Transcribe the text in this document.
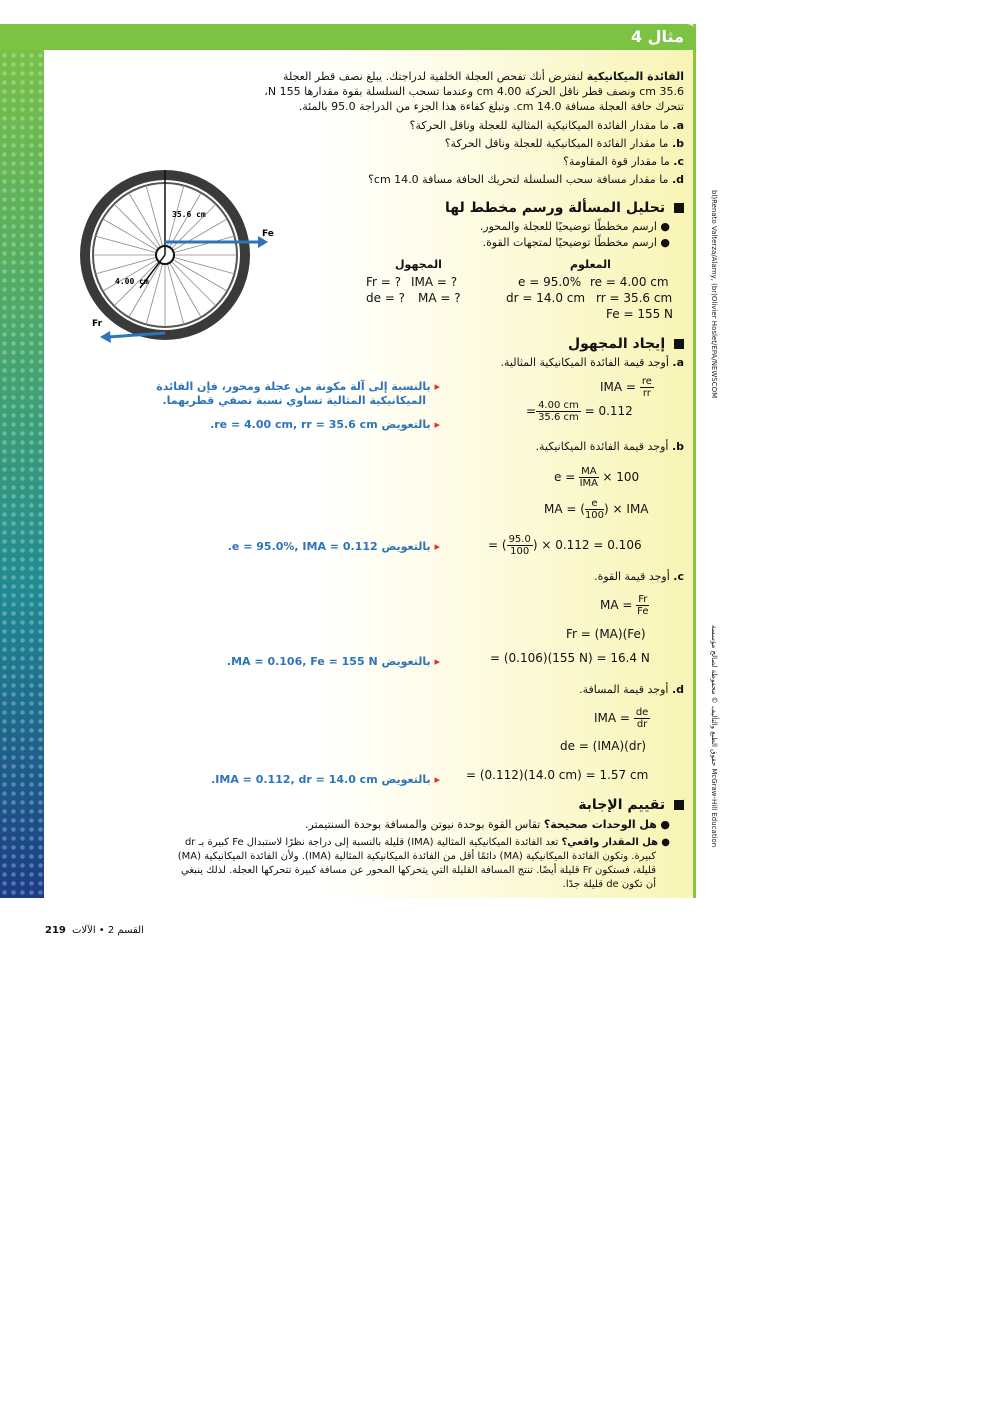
مثال 4
الفائدة الميكانيكية لنفترض أنك تفحص العجلة الخلفية لدراجتك. يبلغ نصف قطر العجلة
35.6 cm ونصف قطر ناقل الحركة 4.00 cm وعندما تسحب السلسلة بقوة مقدارها 155 N،
تتحرك حافة العجلة مسافة 14.0 cm. وتبلغ كفاءة هذا الجزء من الدراجة 95.0 بالمئة.
a. ما مقدار الفائدة الميكانيكية المثالية للعجلة وناقل الحركة؟
b. ما مقدار الفائدة الميكانيكية للعجلة وناقل الحركة؟
c. ما مقدار قوة المقاومة؟
d. ما مقدار مسافة سحب السلسلة لتحريك الحافة مسافة 14.0 cm؟
35.6 cm
4.00 cm
Fe
Fr
1 تحليل المسألة ورسم مخطط لها
● ارسم مخططًا توضيحيًا للعجلة والمحور.
● ارسم مخططًا توضيحيًا لمتجهات القوة.
المعلوم
المجهول
e = 95.0% re = 4.00 cm
dr = 14.0 cm rr = 35.6 cm
Fe = 155 N
Fr = ? IMA = ?
de = ? MA = ?
2 إيجاد المجهول
a. أوجد قيمة الفائدة الميكانيكية المثالية.
IMA = $\frac{re}{rr}$
= $\frac{4.00 cm}{35.6 cm} = 0.112$
▸ بالنسبة إلى آلة مكونة من عجلة ومحور، فإن الفائدة
الميكانيكية المثالية تساوي نسبة نصفي قطريهما.
▸ بالتعويض re = 4.00 cm, rr = 35.6 cm.
b. أوجد قيمة الفائدة الميكانيكية.
$e = \frac{MA}{\text{IMA}} \times 100$
MA = ( $\frac{e}{100}$ ) × IMA
= ( $\frac{95.0}{100}$ ) × 0.112 = 0.106
▸ بالتعويض e = 95.0%, IMA = 0.112.
c. أوجد قيمة القوة.
MA = $\frac{Fr}{Fe}$
Fr = (MA)(Fe)
= (0.106)(155 N) = 16.4 N
▸ بالتعويض MA = 0.106, Fe = 155 N.
d. أوجد قيمة المسافة.
IMA = $\frac{de}{dr}$
de = (IMA)(dr)
= (0.112)(14.0 cm) = 1.57 cm
▸ بالتعويض IMA = 0.112, dr = 14.0 cm.
3 تقييم الإجابة
● هل الوحدات صحيحة؟ تقاس القوة بوحدة نيوتن والمسافة بوحدة السنتيمتر.
● هل المقدار واقعي؟ تعد الفائدة الميكانيكية المثالية (IMA) قليلة بالنسبة إلى دراجة نظرًا لاستبدال Fe كبيرة بـ dr
كبيرة. وتكون الفائدة الميكانيكية (MA) دائمًا أقل من الفائدة الميكانيكية المثالية (IMA). ولأن الفائدة الميكانيكية (MA)
قليلة، فستكون Fr قليلة أيضًا. تنتج المسافة القليلة التي يتحركها المحور عن مسافة كبيرة تتحركها العجلة. لذلك ينبغي
أن تكون de قليلة جدًا.
bl)Renato Valterza/Alamy, (br)Olivier Hoslet/EPA/NEWSCOM
حقوق الطبع والتأليف © محفوظة لصالح مؤسسة McGraw-Hill Education
القسم 2 • الآلات
219
